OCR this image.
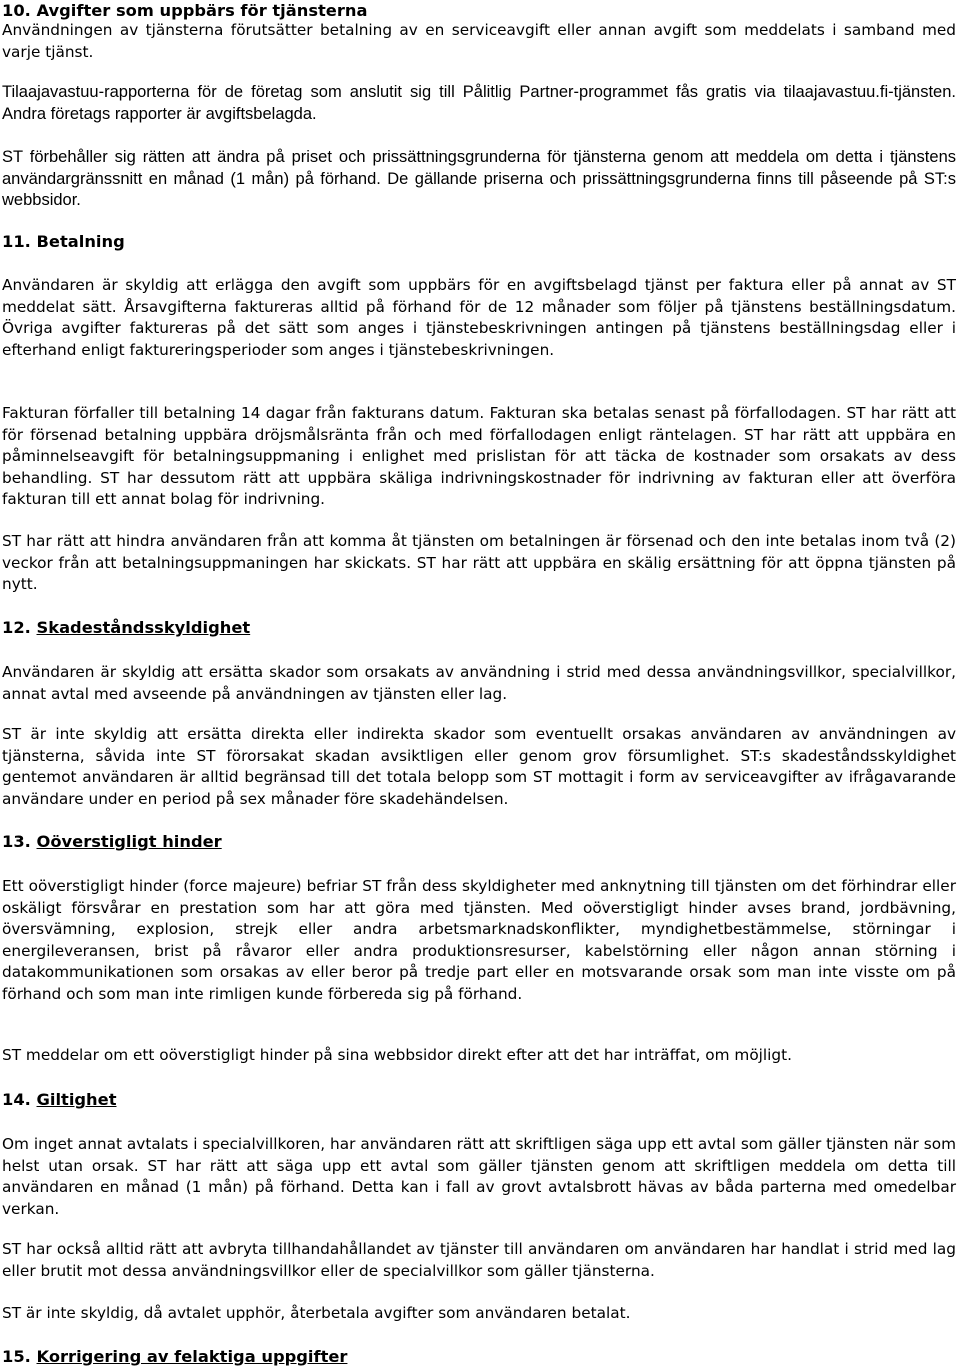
10. Avgifter som uppbärs för tjänsterna

Användningen av tjänsterna förutsätter betalning av en serviceavgift eller annan avgift som meddelats i samband med varje tjänst.

Tilaajavastuu-rapporterna för de företag som anslutit sig till Pålitlig Partner-programmet fås gratis via tilaajavastuu.fi-tjänsten. Andra företags rapporter är avgiftsbelagda.

ST förbehåller sig rätten att ändra på priset och prissättningsgrunderna för tjänsterna genom att meddela om detta i tjänstens användargränssnitt en månad (1 mån) på förhand. De gällande priserna och prissättningsgrunderna finns till påseende på ST:s webbsidor.

11. Betalning

Användaren är skyldig att erlägga den avgift som uppbärs för en avgiftsbelagd tjänst per faktura eller på annat av ST meddelat sätt. Årsavgifterna faktureras alltid på förhand för de 12 månader som följer på tjänstens beställningsdatum. Övriga avgifter faktureras på det sätt som anges i tjänstebeskrivningen antingen på tjänstens beställningsdag eller i efterhand enligt faktureringsperioder som anges i tjänstebeskrivningen.

Fakturan förfaller till betalning 14 dagar från fakturans datum. Fakturan ska betalas senast på förfallodagen. ST har rätt att för försenad betalning uppbära dröjsmålsränta från och med förfallodagen enligt räntelagen. ST har rätt att uppbära en påminnelseavgift för betalningsuppmaning i enlighet med prislistan för att täcka de kostnader som orsakats av dess behandling. ST har dessutom rätt att uppbära skäliga indrivningskostnader för indrivning av fakturan eller att överföra fakturan till ett annat bolag för indrivning.

ST har rätt att hindra användaren från att komma åt tjänsten om betalningen är försenad och den inte betalas inom två (2) veckor från att betalningsuppmaningen har skickats. ST har rätt att uppbära en skälig ersättning för att öppna tjänsten på nytt.

12. Skadeståndsskyldighet

Användaren är skyldig att ersätta skador som orsakats av användning i strid med dessa användningsvillkor, specialvillkor, annat avtal med avseende på användningen av tjänsten eller lag.

ST är inte skyldig att ersätta direkta eller indirekta skador som eventuellt orsakas användaren av användningen av tjänsterna, såvida inte ST förorsakat skadan avsiktligen eller genom grov försumlighet. ST:s skadeståndsskyldighet gentemot användaren är alltid begränsad till det totala belopp som ST mottagit i form av serviceavgifter av ifrågavarande användare under en period på sex månader före skadehändelsen.

13. Oöverstigligt hinder

Ett oöverstigligt hinder (force majeure) befriar ST från dess skyldigheter med anknytning till tjänsten om det förhindrar eller oskäligt försvårar en prestation som har att göra med tjänsten. Med oöverstigligt hinder avses brand, jordbävning, översvämning, explosion, strejk eller andra arbetsmarknadskonflikter, myndighetbestämmelse, störningar i energileveransen, brist på råvaror eller andra produktionsresurser, kabelstörning eller någon annan störning i datakommunikationen som orsakas av eller beror på tredje part eller en motsvarande orsak som man inte visste om på förhand och som man inte rimligen kunde förbereda sig på förhand.

ST meddelar om ett oöverstigligt hinder på sina webbsidor direkt efter att det har inträffat, om möjligt.

14. Giltighet

Om inget annat avtalats i specialvillkoren, har användaren rätt att skriftligen säga upp ett avtal som gäller tjänsten när som helst utan orsak. ST har rätt att säga upp ett avtal som gäller tjänsten genom att skriftligen meddela om detta till användaren en månad (1 mån) på förhand. Detta kan i fall av grovt avtalsbrott hävas av båda parterna med omedelbar verkan.

ST har också alltid rätt att avbryta tillhandahållandet av tjänster till användaren om användaren har handlat i strid med lag eller brutit mot dessa användningsvillkor eller de specialvillkor som gäller tjänsterna.

ST är inte skyldig, då avtalet upphör, återbetala avgifter som användaren betalat.

15. Korrigering av felaktiga uppgifter
